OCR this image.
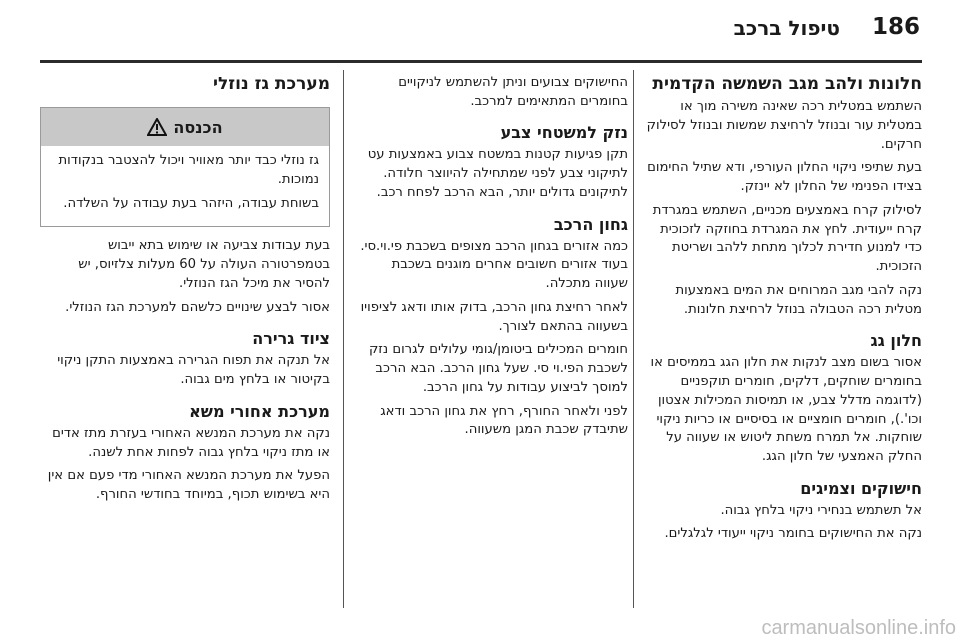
186
טיפול ברכב
חלונות ולהב מגב השמשה הקדמית

השתמש במטלית רכה שאינה משירה מוך או במטלית עור ובנוזל לרחיצת שמשות ובנוזל לסילוק חרקים.

בעת שתיפי ניקוי החלון העורפי, ודא שתיל החימום בצידו הפנימי של החלון לא יינזק.

לסילוק קרח באמצעים מכניים, השתמש במגרדת קרח ייעודית. לחץ את המגרדת בחוזקה לזכוכית כדי למנוע חדירת לכלוך מתחת ללהב ושריטת הזכוכית.

נקה להבי מגב המרוחים את המים באמצעות מטלית רכה הטבולה בנוזל לרחיצת חלונות.

חלון גג

אסור בשום מצב לנקות את חלון הגג בממיסים או בחומרים שוחקים, דלקים, חומרים תוקפניים (לדוגמה מדלל צבע, או תמיסות המכילות אצטון וכו'.), חומרים חומציים או בסיסיים או כריות ניקוי שוחקות. אל תמרח משחת ליטוש או שעווה על החלק האמצעי של חלון הגג.

חישוקים וצמיגים

אל תשתמש בנחירי ניקוי בלחץ גבוה.

נקה את החישוקים בחומר ניקוי ייעודי לגלגלים.

החישוקים צבועים וניתן להשתמש לניקויים בחומרים המתאימים למרכב.

נזק למשטחי צבע

תקן פגיעות קטנות במשטח צבוע באמצעות עט לתיקוני צבע לפני שמתחילה להיווצר חלודה. לתיקונים גדולים יותר, הבא הרכב לפחח רכב.

גחון הרכב

כמה אזורים בגחון הרכב מצופים בשכבת פי.וי.סי. בעוד אזורים חשובים אחרים מוגנים בשכבת שעווה מתכלה.

לאחר רחיצת גחון הרכב, בדוק אותו ודאג לציפויו בשעווה בהתאם לצורך.

חומרים המכילים ביטומן/גומי עלולים לגרום נזק לשכבת הפי.וי סי. שעל גחון הרכב. הבא הרכב למוסך לביצוע עבודות על גחון הרכב.

לפני ולאחר החורף, רחץ את גחון הרכב ודאג שתיבדק שכבת המגן משעווה.

מערכת גז נוזלי
הכנסה

גז נוזלי כבד יותר מאוויר ויכול להצטבר בנקודות נמוכות.

בשוחת עבודה, היזהר בעת עבודה על השלדה.

בעת עבודות צביעה או שימוש בתא ייבוש בטמפרטורה העולה על 60 מעלות צלזיוס, יש להסיר את מיכל הגז הנוזלי.

אסור לבצע שינויים כלשהם למערכת הגז הנוזלי.

ציוד גרירה

אל תנקה את תפוח הגרירה באמצעות התקן ניקוי בקיטור או בלחץ מים גבוה.

מערכת אחורי משא

נקה את מערכת המנשא האחורי בעזרת מתז אדים או מתז ניקוי בלחץ גבוה לפחות אחת לשנה.

הפעל את מערכת המנשא האחורי מדי פעם אם אין היא בשימוש תכוף, במיוחד בחודשי החורף.

carmanualsonline.info
